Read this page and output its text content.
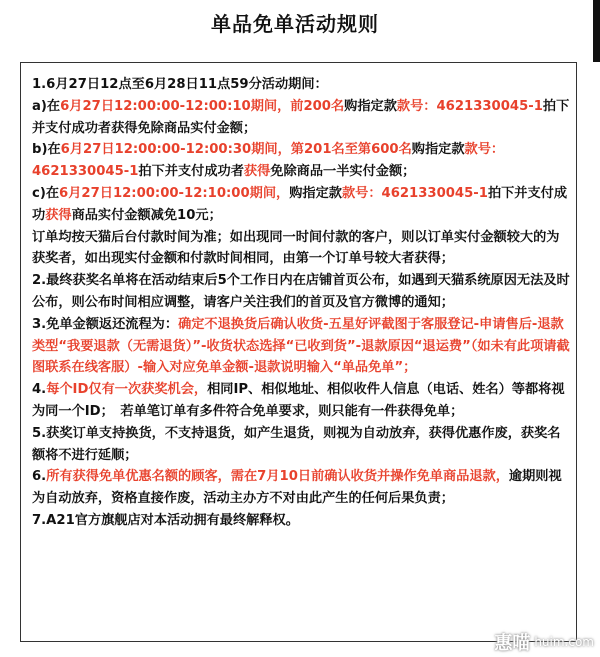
单品免单活动规则

1.6月27日12点至6月28日11点59分活动期间：

a)在6月27日12:00:00-12:00:10期间，前200名购指定款款号：4621330045-1拍下并支付成功者获得免除商品实付金额；

b)在6月27日12:00:00-12:00:30期间，第201名至第600名购指定款款号：4621330045-1拍下并支付成功者获得免除商品一半实付金额；

c)在6月27日12:00:00-12:10:00期间，购指定款款号：4621330045-1拍下并支付成功获得商品实付金额减免10元；

订单均按天猫后台付款时间为准；如出现同一时间付款的客户，则以订单实付金额较大的为获奖者，如出现实付金额和付款时间相同，由第一个订单号较大者获得；

2.最终获奖名单将在活动结束后5个工作日内在店铺首页公布，如遇到天猫系统原因无法及时公布，则公布时间相应调整，请客户关注我们的首页及官方微博的通知；

3.免单金额返还流程为：确定不退换货后确认收货-五星好评截图于客服登记-申请售后-退款类型“我要退款（无需退货）”-收货状态选择“已收到货”-退款原因“退运费”（如未有此项请截图联系在线客服）-输入对应免单金额-退款说明输入“单品免单”；

4.每个ID仅有一次获奖机会，相同IP、相似地址、相似收件人信息（电话、姓名）等都将视为同一个ID；　若单笔订单有多件符合免单要求，则只能有一件获得免单；

5.获奖订单支持换货，不支持退货，如产生退货，则视为自动放弃，获得优惠作废，获奖名额将不进行延顺；

6.所有获得免单优惠名额的顾客，需在7月10日前确认收货并操作免单商品退款，逾期则视为自动放弃，资格直接作废，活动主办方不对由此产生的任何后果负责；

7.A21官方旗舰店对本活动拥有最终解释权。

惠喵 huim.com
